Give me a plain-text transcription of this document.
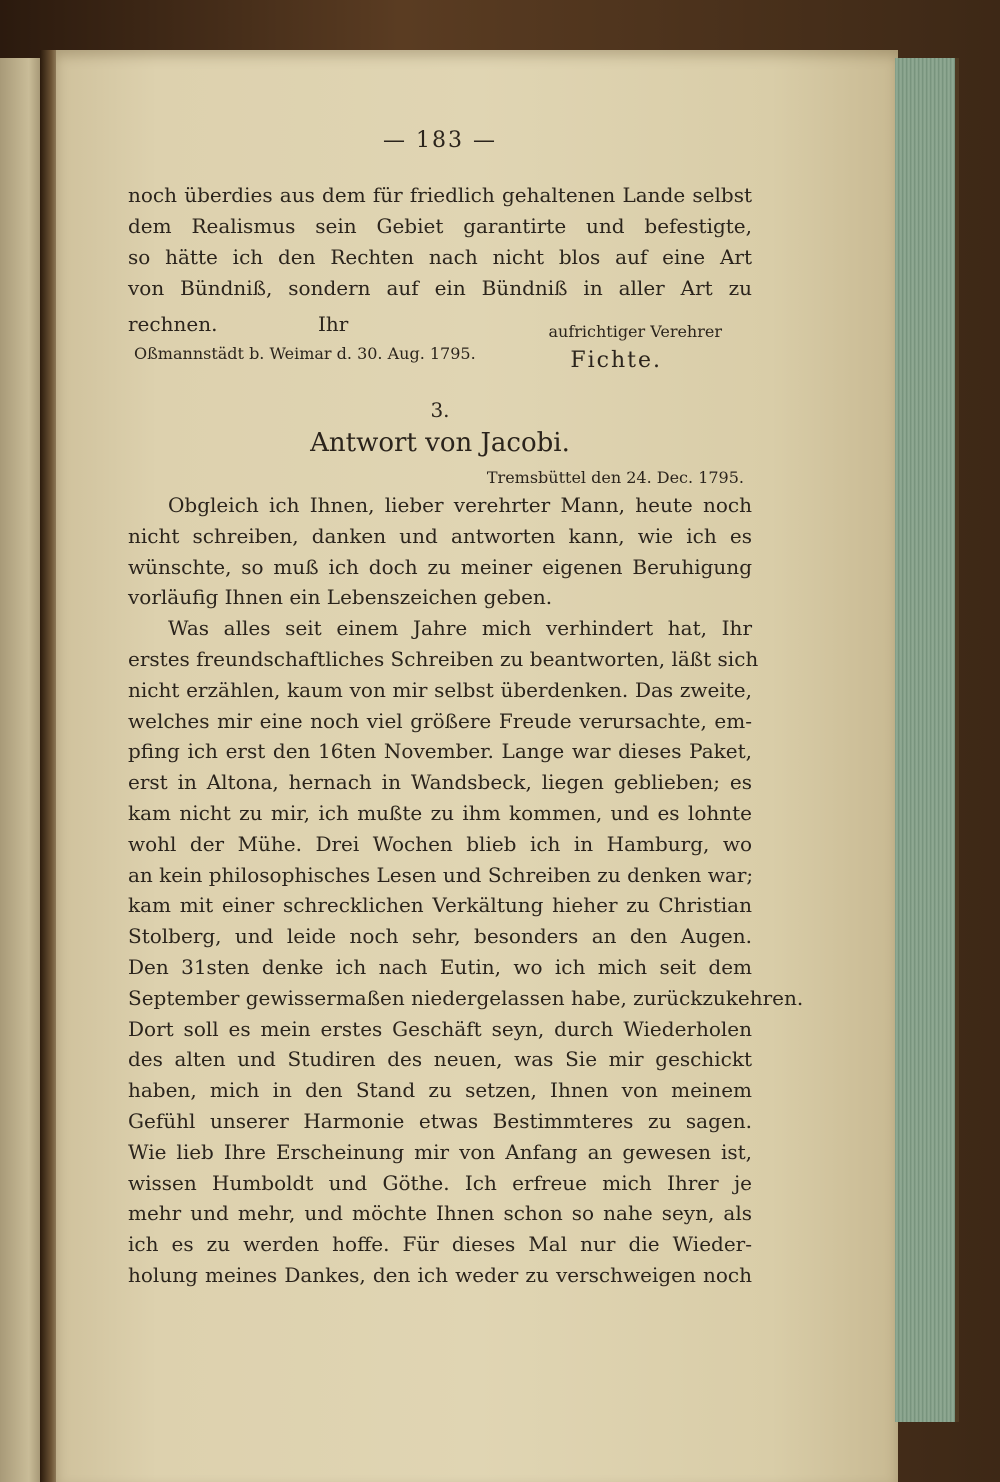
— 183 —
noch überdies aus dem für friedlich gehaltenen Lande selbst
dem Realismus sein Gebiet garantirte und befestigte,
so hätte ich den Rechten nach nicht blos auf eine Art
von Bündniß, sondern auf ein Bündniß in aller Art zu
rechnen.	Ihr
Oßmannstädt b. Weimar d. 30. Aug. 1795.
aufrichtiger Verehrer
Fichte.
3.
Antwort von Jacobi.
Tremsbüttel den 24. Dec. 1795.
Obgleich ich Ihnen, lieber verehrter Mann, heute noch
nicht schreiben, danken und antworten kann, wie ich es
wünschte, so muß ich doch zu meiner eigenen Beruhigung
vorläufig Ihnen ein Lebenszeichen geben.
Was alles seit einem Jahre mich verhindert hat, Ihr
erstes freundschaftliches Schreiben zu beantworten, läßt sich
nicht erzählen, kaum von mir selbst überdenken. Das zweite,
welches mir eine noch viel größere Freude verursachte, em-
pfing ich erst den 16ten November. Lange war dieses Paket,
erst in Altona, hernach in Wandsbeck, liegen geblieben; es
kam nicht zu mir, ich mußte zu ihm kommen, und es lohnte
wohl der Mühe. Drei Wochen blieb ich in Hamburg, wo
an kein philosophisches Lesen und Schreiben zu denken war;
kam mit einer schrecklichen Verkältung hieher zu Christian
Stolberg, und leide noch sehr, besonders an den Augen.
Den 31sten denke ich nach Eutin, wo ich mich seit dem
September gewissermaßen niedergelassen habe, zurückzukehren.
Dort soll es mein erstes Geschäft seyn, durch Wiederholen
des alten und Studiren des neuen, was Sie mir geschickt
haben, mich in den Stand zu setzen, Ihnen von meinem
Gefühl unserer Harmonie etwas Bestimmteres zu sagen.
Wie lieb Ihre Erscheinung mir von Anfang an gewesen ist,
wissen Humboldt und Göthe. Ich erfreue mich Ihrer je
mehr und mehr, und möchte Ihnen schon so nahe seyn, als
ich es zu werden hoffe. Für dieses Mal nur die Wieder-
holung meines Dankes, den ich weder zu verschweigen noch
